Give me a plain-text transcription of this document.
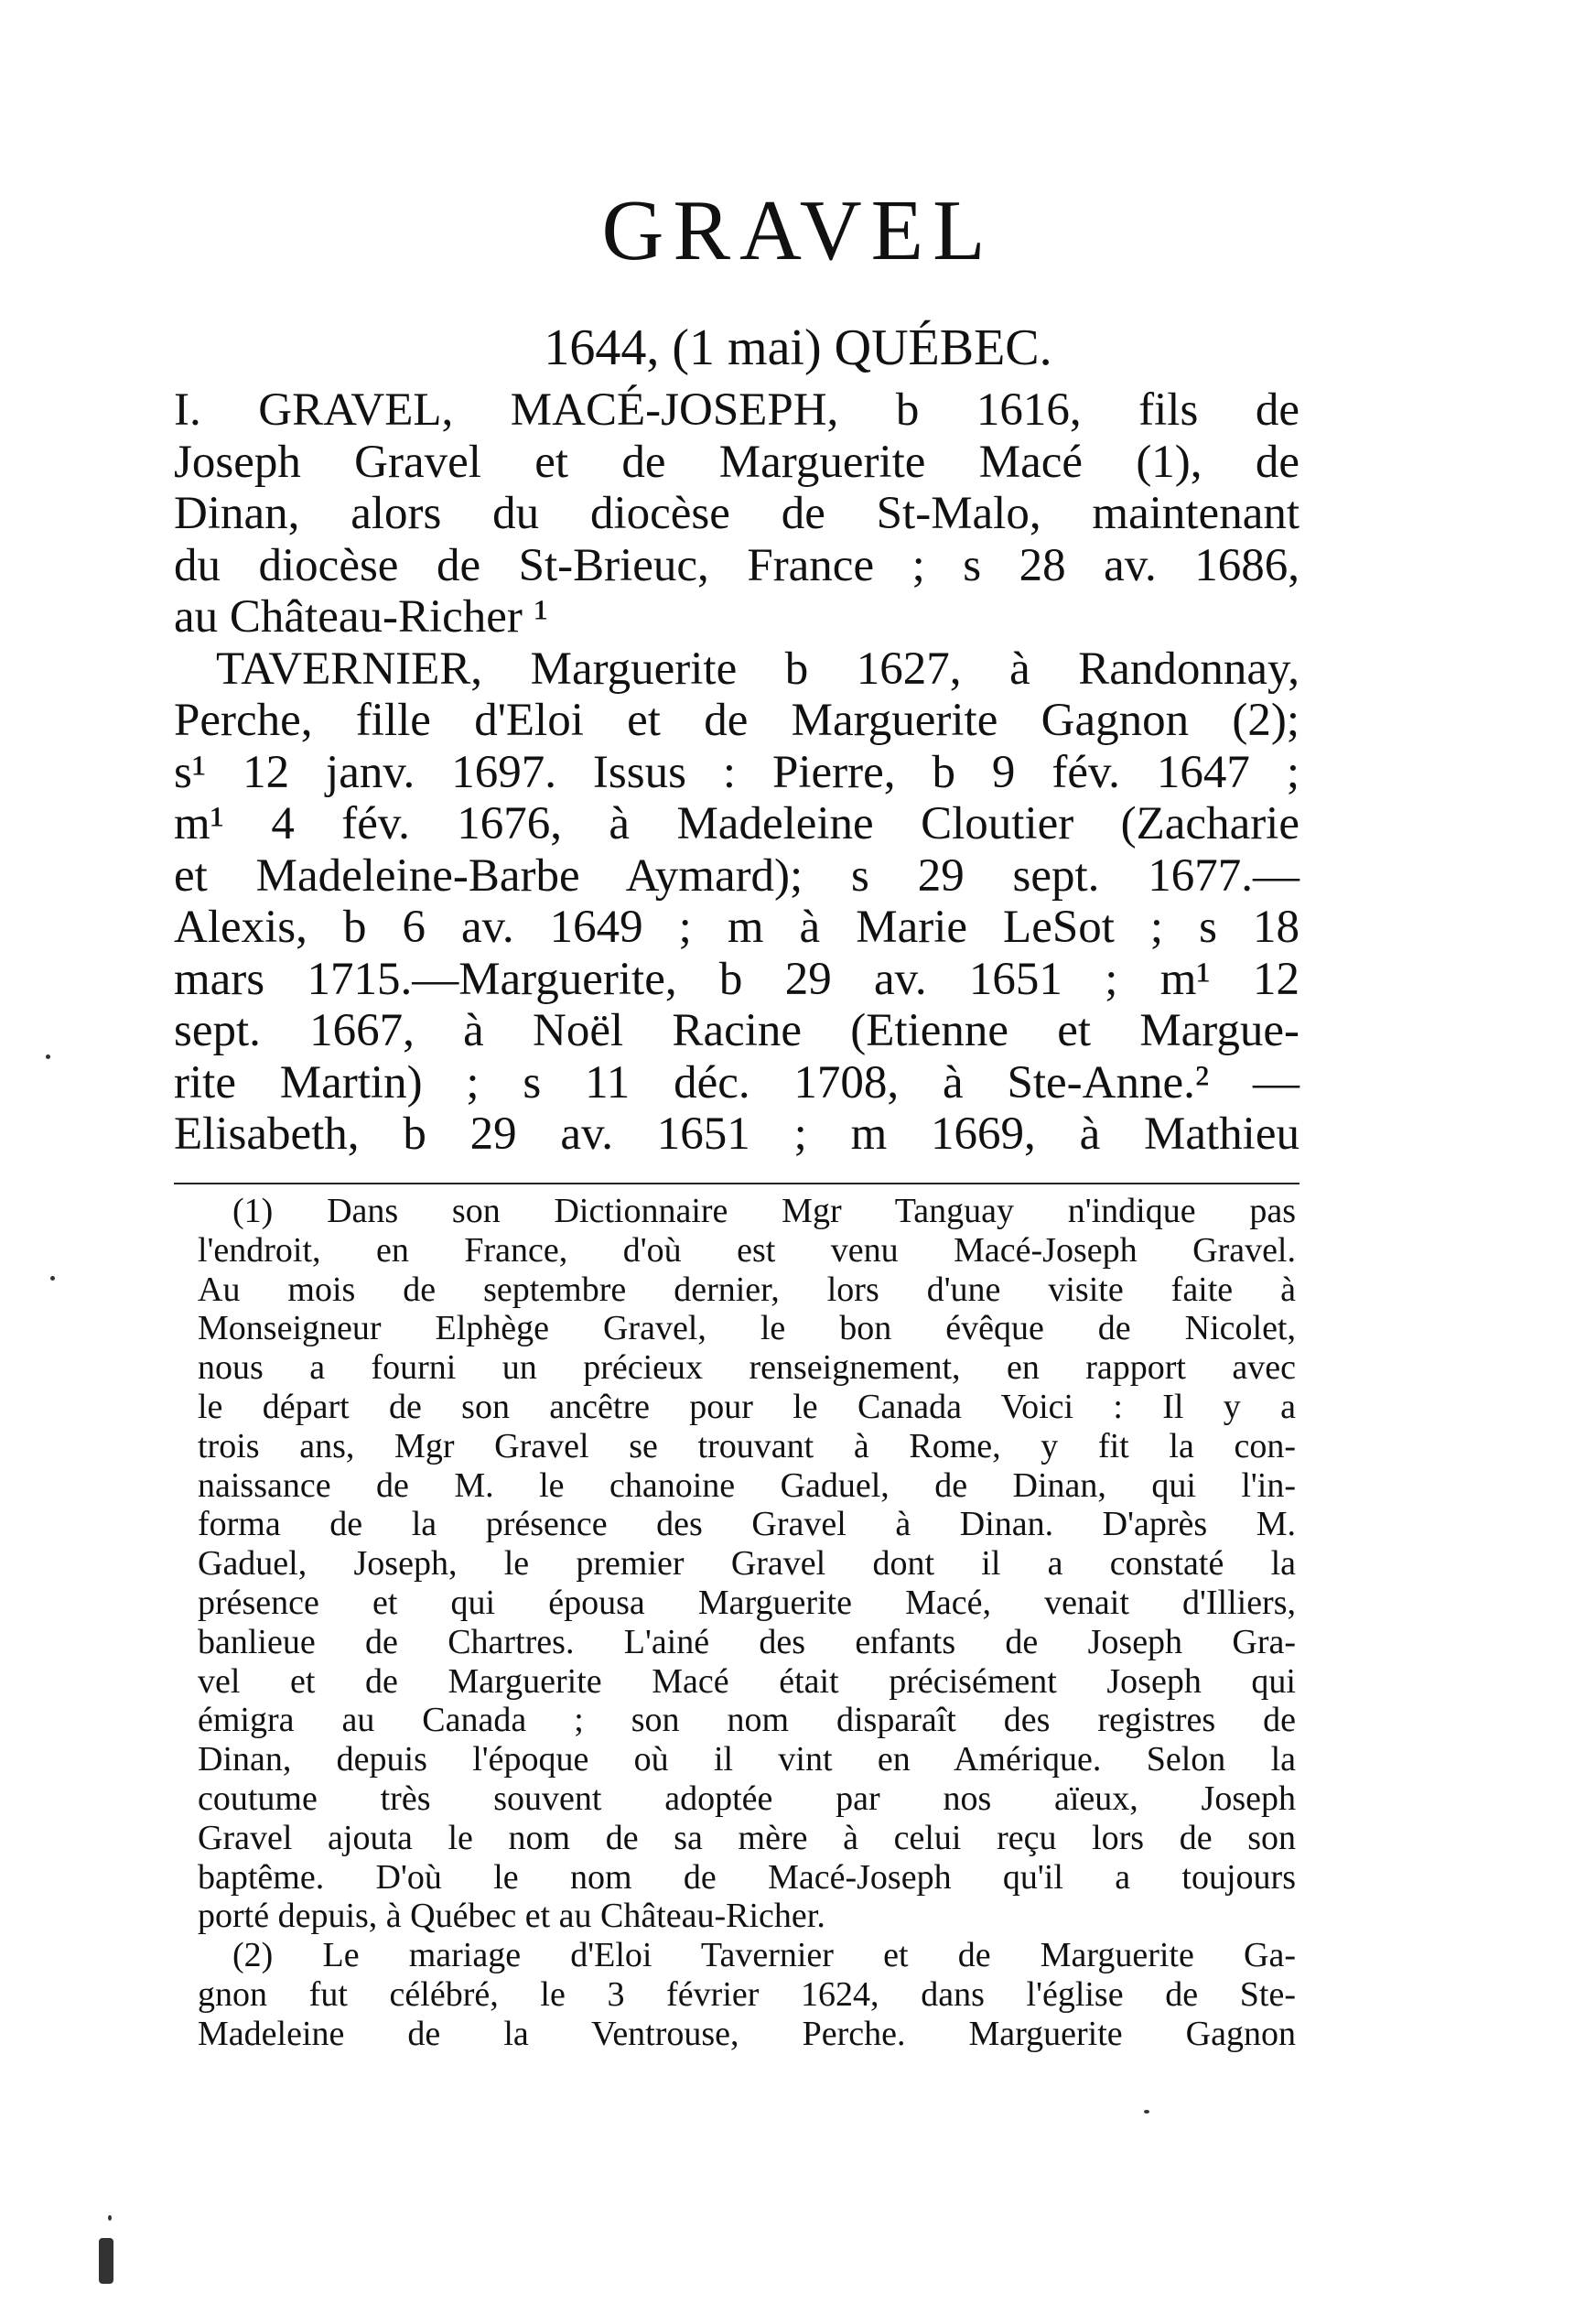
GRAVEL
1644, (1 mai) QUÉBEC.
I. GRAVEL, MACÉ-JOSEPH, b 1616, fils de
Joseph Gravel et de Marguerite Macé (1), de
Dinan, alors du diocèse de St-Malo, maintenant
du diocèse de St-Brieuc, France ; s 28 av. 1686,
au Château-Richer ¹
TAVERNIER, Marguerite b 1627, à Randonnay,
Perche, fille d'Eloi et de Marguerite Gagnon (2);
s¹ 12 janv. 1697. Issus : Pierre, b 9 fév. 1647 ;
m¹ 4 fév. 1676, à Madeleine Cloutier (Zacharie
et Madeleine-Barbe Aymard); s 29 sept. 1677.—
Alexis, b 6 av. 1649 ; m à Marie LeSot ; s 18
mars 1715.—Marguerite, b 29 av. 1651 ; m¹ 12
sept. 1667, à Noël Racine (Etienne et Margue-
rite Martin) ; s 11 déc. 1708, à Ste-Anne.² —
Elisabeth, b 29 av. 1651 ; m 1669, à Mathieu
(1) Dans son Dictionnaire Mgr Tanguay n'indique pas
l'endroit, en France, d'où est venu Macé-Joseph Gravel.
Au mois de septembre dernier, lors d'une visite faite à
Monseigneur Elphège Gravel, le bon évêque de Nicolet,
nous a fourni un précieux renseignement, en rapport avec
le départ de son ancêtre pour le Canada Voici : Il y a
trois ans, Mgr Gravel se trouvant à Rome, y fit la con-
naissance de M. le chanoine Gaduel, de Dinan, qui l'in-
forma de la présence des Gravel à Dinan. D'après M.
Gaduel, Joseph, le premier Gravel dont il a constaté la
présence et qui épousa Marguerite Macé, venait d'Illiers,
banlieue de Chartres. L'ainé des enfants de Joseph Gra-
vel et de Marguerite Macé était précisément Joseph qui
émigra au Canada ; son nom disparaît des registres de
Dinan, depuis l'époque où il vint en Amérique. Selon la
coutume très souvent adoptée par nos aïeux, Joseph
Gravel ajouta le nom de sa mère à celui reçu lors de son
baptême. D'où le nom de Macé-Joseph qu'il a toujours
porté depuis, à Québec et au Château-Richer.
(2) Le mariage d'Eloi Tavernier et de Marguerite Ga-
gnon fut célébré, le 3 février 1624, dans l'église de Ste-
Madeleine de la Ventrouse, Perche. Marguerite Gagnon
